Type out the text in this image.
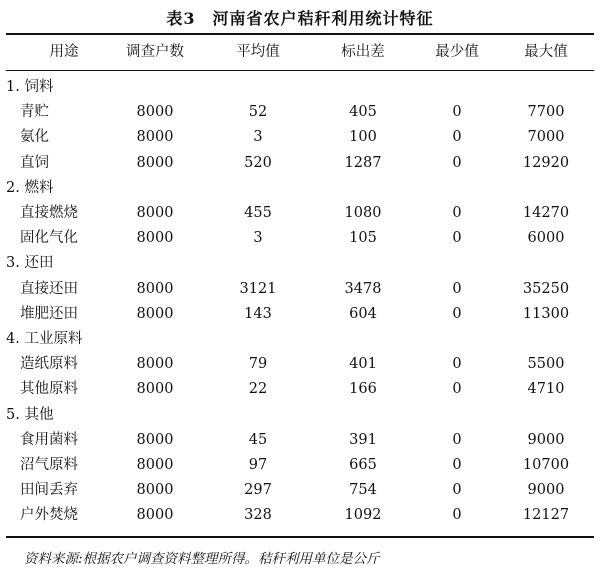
表3　河南省农户秸秆利用统计特征
用途	调查户数	平均值	标出差	最少值	最大值
1. 饲料
青贮	8000	52	405	0	7700
氨化	8000	3	100	0	7000
直饲	8000	520	1287	0	12920
2. 燃料
直接燃烧	8000	455	1080	0	14270
固化气化	8000	3	105	0	6000
3. 还田
直接还田	8000	3121	3478	0	35250
堆肥还田	8000	143	604	0	11300
4. 工业原料
造纸原料	8000	79	401	0	5500
其他原料	8000	22	166	0	4710
5. 其他
食用菌料	8000	45	391	0	9000
沼气原料	8000	97	665	0	10700
田间丢弃	8000	297	754	0	9000
户外焚烧	8000	328	1092	0	12127
资料来源:根据农户调查资料整理所得。秸秆利用单位是公斤
